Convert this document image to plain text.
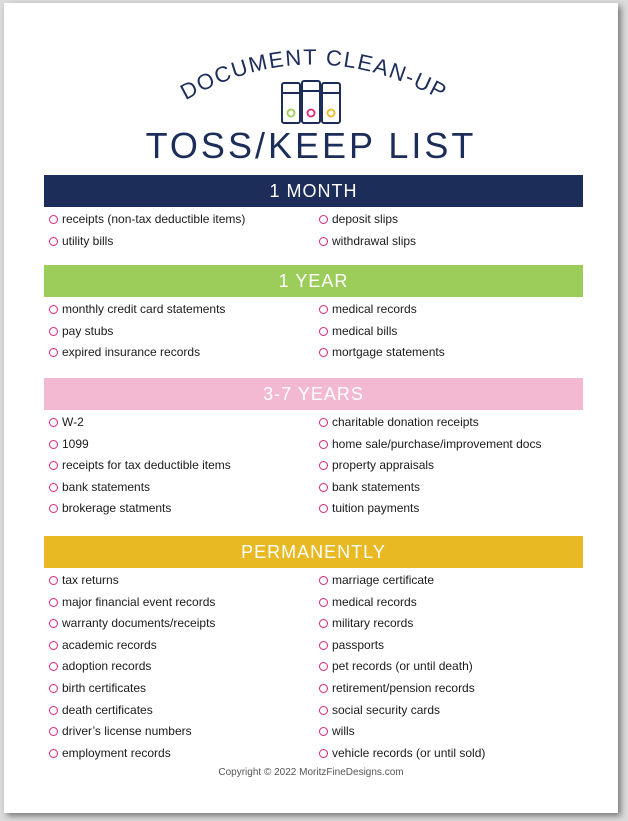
DOCUMENT CLEAN-UP
TOSS/KEEP LIST
1 MONTH
receipts (non-tax deductible items)
utility bills
deposit slips
withdrawal slips
1 YEAR
monthly credit card statements
pay stubs
expired insurance records
medical records
medical bills
mortgage statements
3-7 YEARS
W-2
1099
receipts for tax deductible items
bank statements
brokerage statments
charitable donation receipts
home sale/purchase/improvement docs
property appraisals
bank statements
tuition payments
PERMANENTLY
tax returns
major financial event records
warranty documents/receipts
academic records
adoption records
birth certificates
death certificates
driver’s license numbers
employment records
marriage certificate
medical records
military records
passports
pet records (or until death)
retirement/pension records
social security cards
wills
vehicle records (or until sold)
Copyright © 2022 MoritzFineDesigns.com
